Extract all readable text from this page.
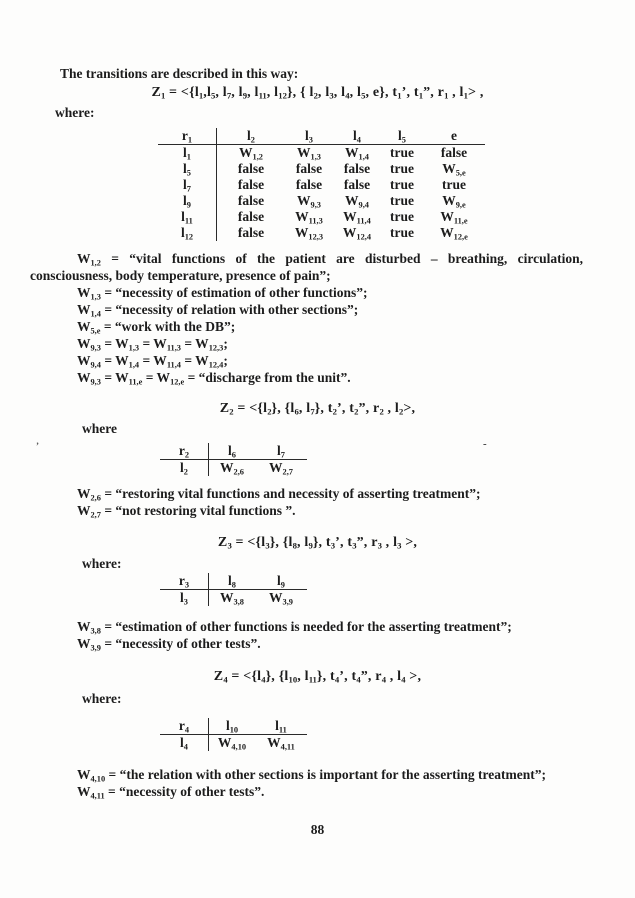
The transitions are described in this way:

$Z_1 = <\{l_1,l_5$, $l_7$, $l_9$, $l_{11}$, $l_{12}$}, { $l_2$, $l_3$, $l_4$, $l_5$, e}, $t_1$’, $t_1$”, $r_1$ , $l_1>$ ,

where:

$r_1$	$l_2$	$l_3$	$l_4$	$l_5$	e
$l_1$	$W_{1,2}$	$W_{1,3}$	$W_{1,4}$	true	false
$l_5$	false	false	false	true	$W_{5,e}$
$l_7$	false	false	false	true	true
$l_9$	false	$W_{9,3}$	$W_{9,4}$	true	$W_{9,e}$
$l_{11}$	false	$W_{11,3}$	$W_{11,4}$	true	$W_{11,e}$
$l_{12}$	false	$W_{12,3}$	$W_{12,4}$	true	$W_{12,e}$

$W_{1,2}$ = “vital functions of the patient are disturbed – breathing, circulation, consciousness, body temperature, presence of pain”;

$W_{1,3}$ = “necessity of estimation of other functions”;

$W_{1,4}$ = “necessity of relation with other sections”;

$W_{5,e}$ = “work with the DB”;

$W_{9,3} = W_{1,3} = W_{11,3} = W_{12,3}$;

$W_{9,4} = W_{1,4} = W_{11,4} = W_{12,4}$;

$W_{9,3} = W_{11,e} = W_{12,e}$ = “discharge from the unit”.

$Z_2 = <\{l_2\}$, {$l_6$, $l_7$}, $t_2$’, $t_2$”, $r_2$ , $l_2>$,

where

$r_2$	$l_6$	$l_7$
$l_2$	$W_{2,6}$	$W_{2,7}$

$W_{2,6}$ = “restoring vital functions and necessity of asserting treatment”;

$W_{2,7}$ = “not restoring vital functions ”.

$Z_3 = <\{l_3\}$, {$l_8$, $l_9$}, $t_3$’, $t_3$”, $r_3$ , $l_3$ >,

where:

$r_3$	$l_8$	$l_9$
$l_3$	$W_{3,8}$	$W_{3,9}$

$W_{3,8}$ = “estimation of other functions is needed for the asserting treatment”;

$W_{3,9}$ = “necessity of other tests”.

$Z_4 = <\{l_4\}$, {$l_{10}$, $l_{11}$}, $t_4$’, $t_4$”, $r_4$ , $l_4$ >,

where:

$r_4$	$l_{10}$	$l_{11}$
$l_4$	$W_{4,10}$	$W_{4,11}$

$W_{4,10}$ = “the relation with other sections is important for the asserting treatment”;

$W_{4,11}$ = “necessity of other tests”.

88
-
’
